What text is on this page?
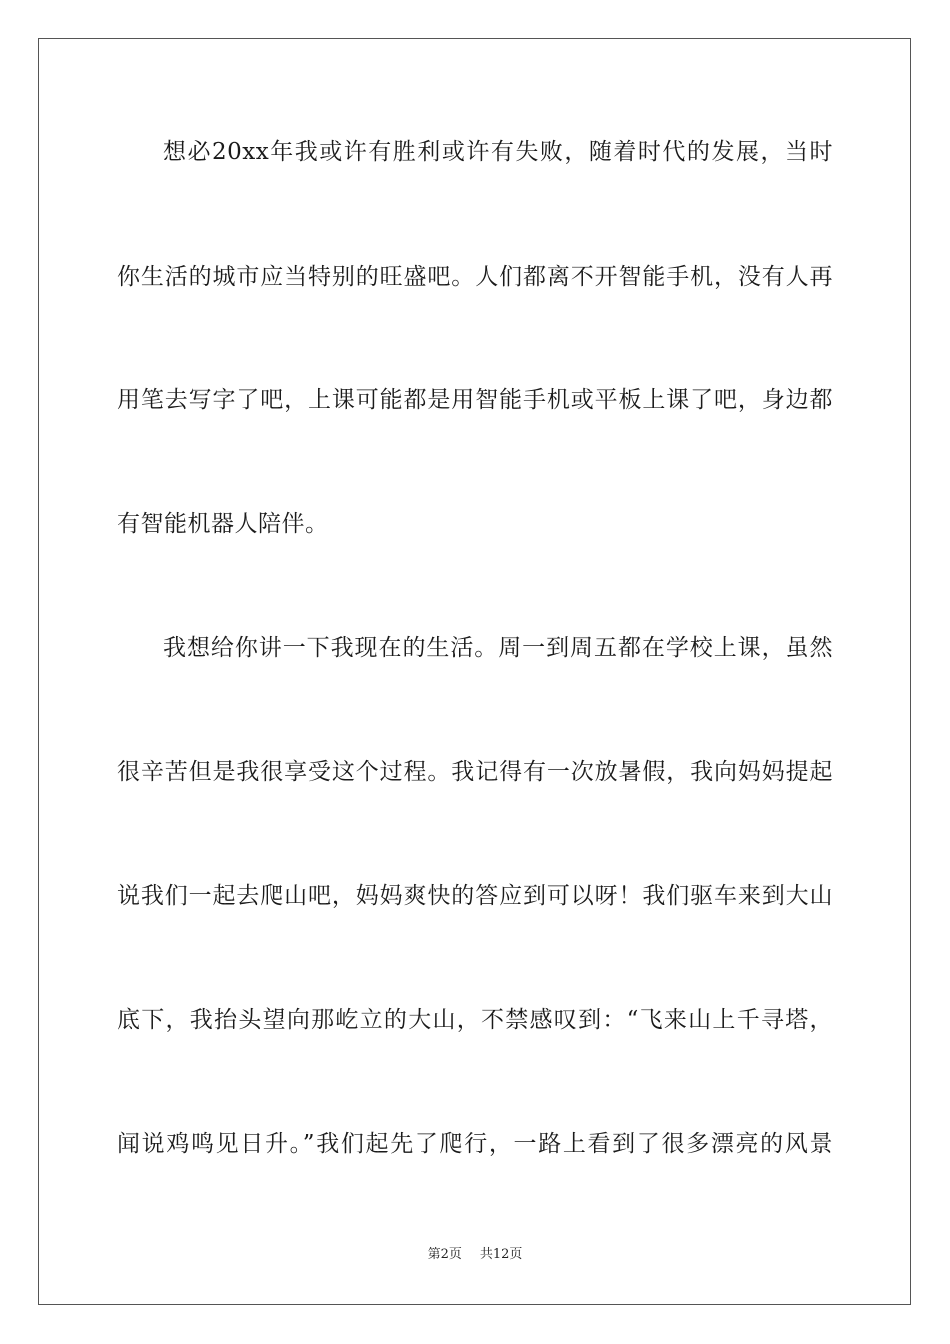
想必20xx年我或许有胜利或许有失败，随着时代的发展，当时
你生活的城市应当特别的旺盛吧。人们都离不开智能手机，没有人再
用笔去写字了吧，上课可能都是用智能手机或平板上课了吧，身边都
有智能机器人陪伴。
我想给你讲一下我现在的生活。周一到周五都在学校上课，虽然
很辛苦但是我很享受这个过程。我记得有一次放暑假，我向妈妈提起
说我们一起去爬山吧，妈妈爽快的答应到可以呀！我们驱车来到大山
底下，我抬头望向那屹立的大山，不禁感叹到：“飞来山上千寻塔，
闻说鸡鸣见日升。”我们起先了爬行，一路上看到了很多漂亮的风景
第2页 共12页
